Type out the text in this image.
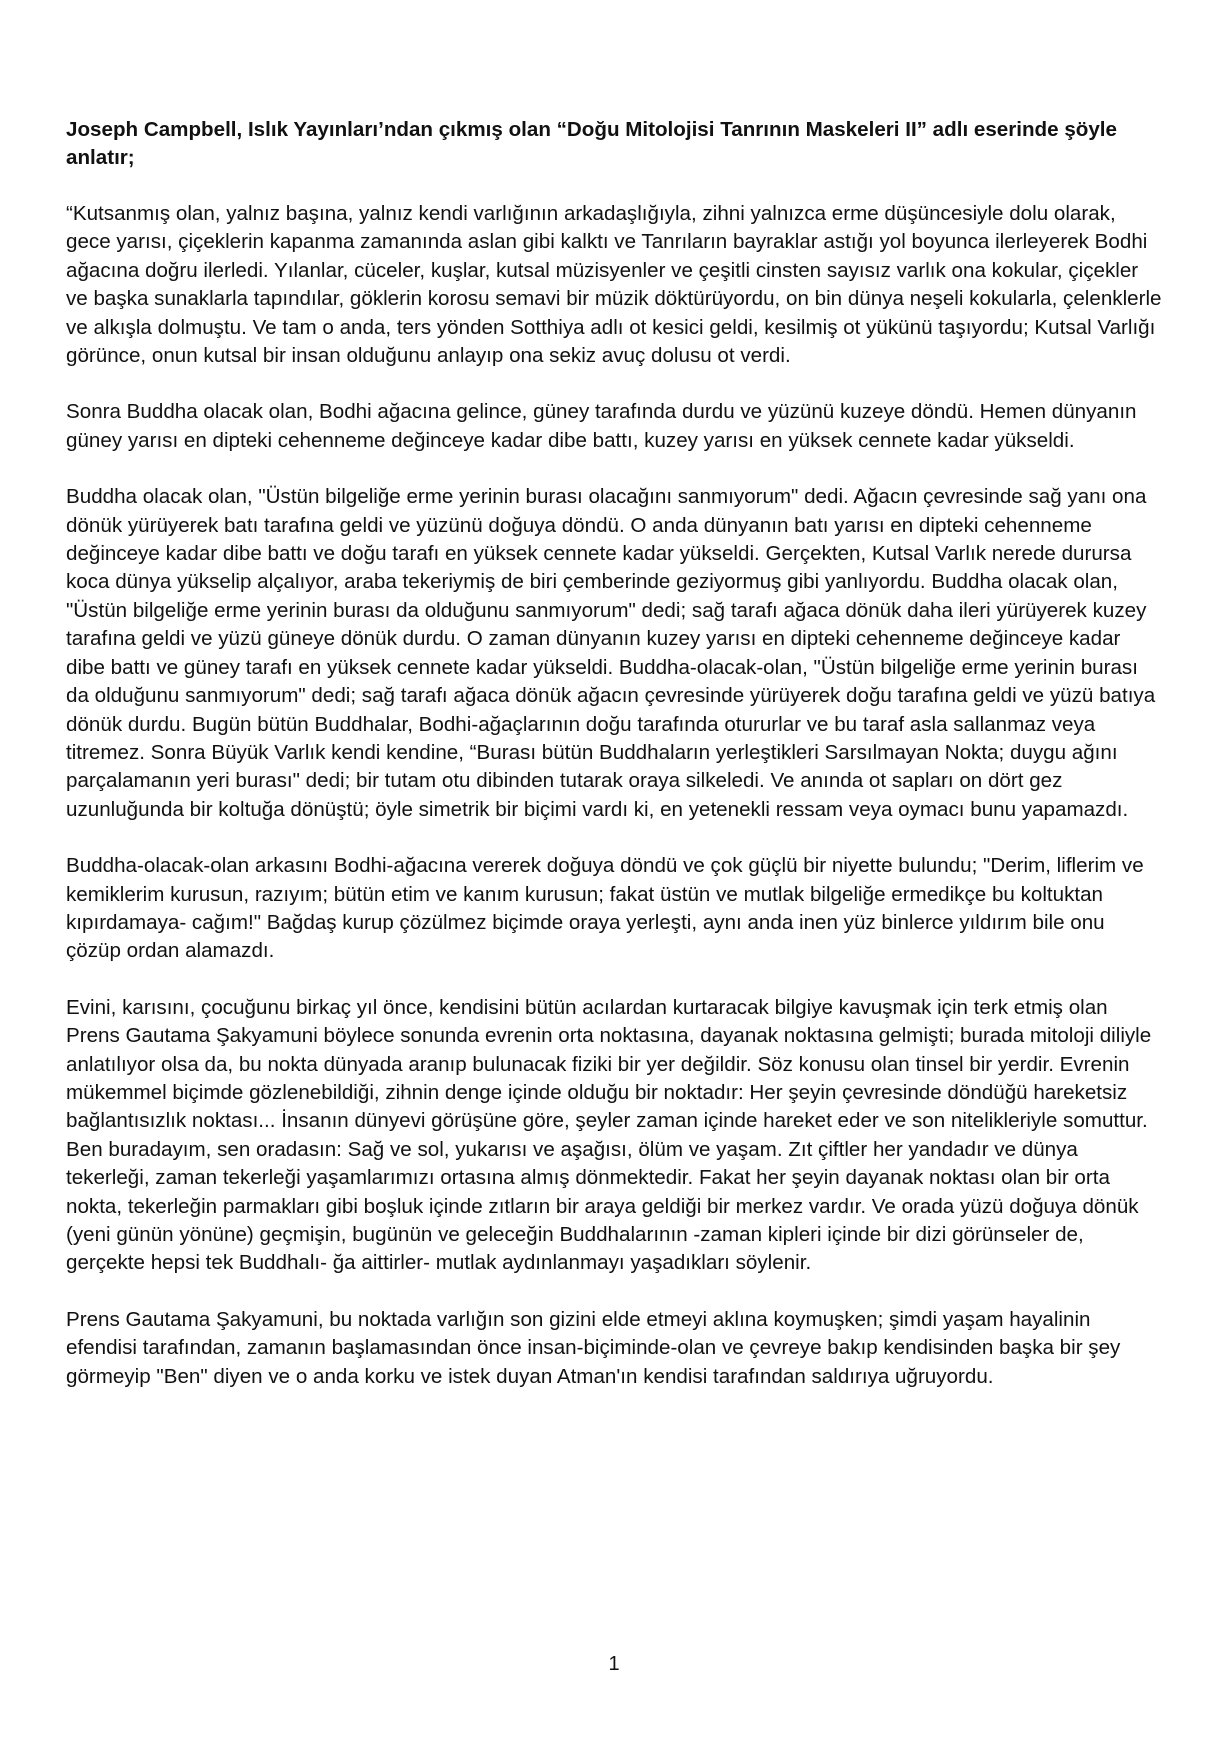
Joseph Campbell, Islık Yayınları’ndan çıkmış olan “Doğu Mitolojisi Tanrının Maskeleri II” adlı eserinde şöyle anlatır;

“Kutsanmış olan, yalnız başına, yalnız kendi varlığının arkadaşlığıyla, zihni yalnızca erme düşüncesiyle dolu olarak, gece yarısı, çiçeklerin kapanma zamanında aslan gibi kalktı ve Tanrıların bayraklar astığı yol boyunca ilerleyerek Bodhi ağacına doğru ilerledi. Yılanlar, cüceler, kuşlar, kutsal müzisyenler ve çeşitli cinsten sayısız varlık ona kokular, çiçekler ve başka sunaklarla tapındılar, göklerin korosu semavi bir müzik döktürüyordu, on bin dünya neşeli kokularla, çelenklerle ve alkışla dolmuştu. Ve tam o anda, ters yönden Sotthiya adlı ot kesici geldi, kesilmiş ot yükünü taşıyordu; Kutsal Varlığı görünce, onun kutsal bir insan olduğunu anlayıp ona sekiz avuç dolusu ot verdi.

Sonra Buddha olacak olan, Bodhi ağacına gelince, güney tarafında durdu ve yüzünü kuzeye döndü. Hemen dünyanın güney yarısı en dipteki cehenneme değinceye kadar dibe battı, kuzey yarısı en yüksek cennete kadar yükseldi.

Buddha olacak olan, "Üstün bilgeliğe erme yerinin burası olacağını sanmıyorum" dedi. Ağacın çevresinde sağ yanı ona dönük yürüyerek batı tarafına geldi ve yüzünü doğuya döndü. O anda dünyanın batı yarısı en dipteki cehenneme değinceye kadar dibe battı ve doğu tarafı en yüksek cennete kadar yükseldi. Gerçekten, Kutsal Varlık nerede durursa koca dünya yükselip alçalıyor, araba tekeriymiş de biri çemberinde geziyormuş gibi yanlıyordu. Buddha olacak olan, "Üstün bilgeliğe erme yerinin burası da olduğunu sanmıyorum" dedi; sağ tarafı ağaca dönük daha ileri yürüyerek kuzey tarafına geldi ve yüzü güneye dönük durdu. O zaman dünyanın kuzey yarısı en dipteki cehenneme değinceye kadar dibe battı ve güney tarafı en yüksek cennete kadar yükseldi. Buddha-olacak-olan, "Üstün bilgeliğe erme yerinin burası da olduğunu sanmıyorum" dedi; sağ tarafı ağaca dönük ağacın çevresinde yürüyerek doğu tarafına geldi ve yüzü batıya dönük durdu. Bugün bütün Buddhalar, Bodhi-ağaçlarının doğu tarafında otururlar ve bu taraf asla sallanmaz veya titremez. Sonra Büyük Varlık kendi kendine, “Burası bütün Buddhaların yerleştikleri Sarsılmayan Nokta; duygu ağını parçalamanın yeri burası" dedi; bir tutam otu dibinden tutarak oraya silkeledi. Ve anında ot sapları on dört gez uzunluğunda bir koltuğa dönüştü; öyle simetrik bir biçimi vardı ki, en yetenekli ressam veya oymacı bunu yapamazdı.

Buddha-olacak-olan arkasını Bodhi-ağacına vererek doğuya döndü ve çok güçlü bir niyette bulundu; "Derim, liflerim ve kemiklerim kurusun, razıyım; bütün etim ve kanım kurusun; fakat üstün ve mutlak bilgeliğe ermedikçe bu koltuktan kıpırdamaya- cağım!" Bağdaş kurup çözülmez biçimde oraya yerleşti, aynı anda inen yüz binlerce yıldırım bile onu çözüp ordan alamazdı.

Evini, karısını, çocuğunu birkaç yıl önce, kendisini bütün acılardan kurtaracak bilgiye kavuşmak için terk etmiş olan Prens Gautama Şakyamuni böylece sonunda evrenin orta noktasına, dayanak noktasına gelmişti; burada mitoloji diliyle anlatılıyor olsa da, bu nokta dünyada aranıp bulunacak fiziki bir yer değildir. Söz konusu olan tinsel bir yerdir. Evrenin mükemmel biçimde gözlenebildiği, zihnin denge içinde olduğu bir noktadır: Her şeyin çevresinde döndüğü hareketsiz bağlantısızlık noktası... İnsanın dünyevi görüşüne göre, şeyler zaman içinde hareket eder ve son nitelikleriyle somuttur. Ben buradayım, sen oradasın: Sağ ve sol, yukarısı ve aşağısı, ölüm ve yaşam. Zıt çiftler her yandadır ve dünya tekerleği, zaman tekerleği yaşamlarımızı ortasına almış dönmektedir. Fakat her şeyin dayanak noktası olan bir orta nokta, tekerleğin parmakları gibi boşluk içinde zıtların bir araya geldiği bir merkez vardır. Ve orada yüzü doğuya dönük (yeni günün yönüne) geçmişin, bugünün ve geleceğin Buddhalarının -zaman kipleri içinde bir dizi görünseler de, gerçekte hepsi tek Buddhalı- ğa aittirler- mutlak aydınlanmayı yaşadıkları söylenir.

Prens Gautama Şakyamuni, bu noktada varlığın son gizini elde etmeyi aklına koymuşken; şimdi yaşam hayalinin efendisi tarafından, zamanın başlamasından önce insan-biçiminde-olan ve çevreye bakıp kendisinden başka bir şey görmeyip "Ben" diyen ve o anda korku ve istek duyan Atman'ın kendisi tarafından saldırıya uğruyordu.

1
